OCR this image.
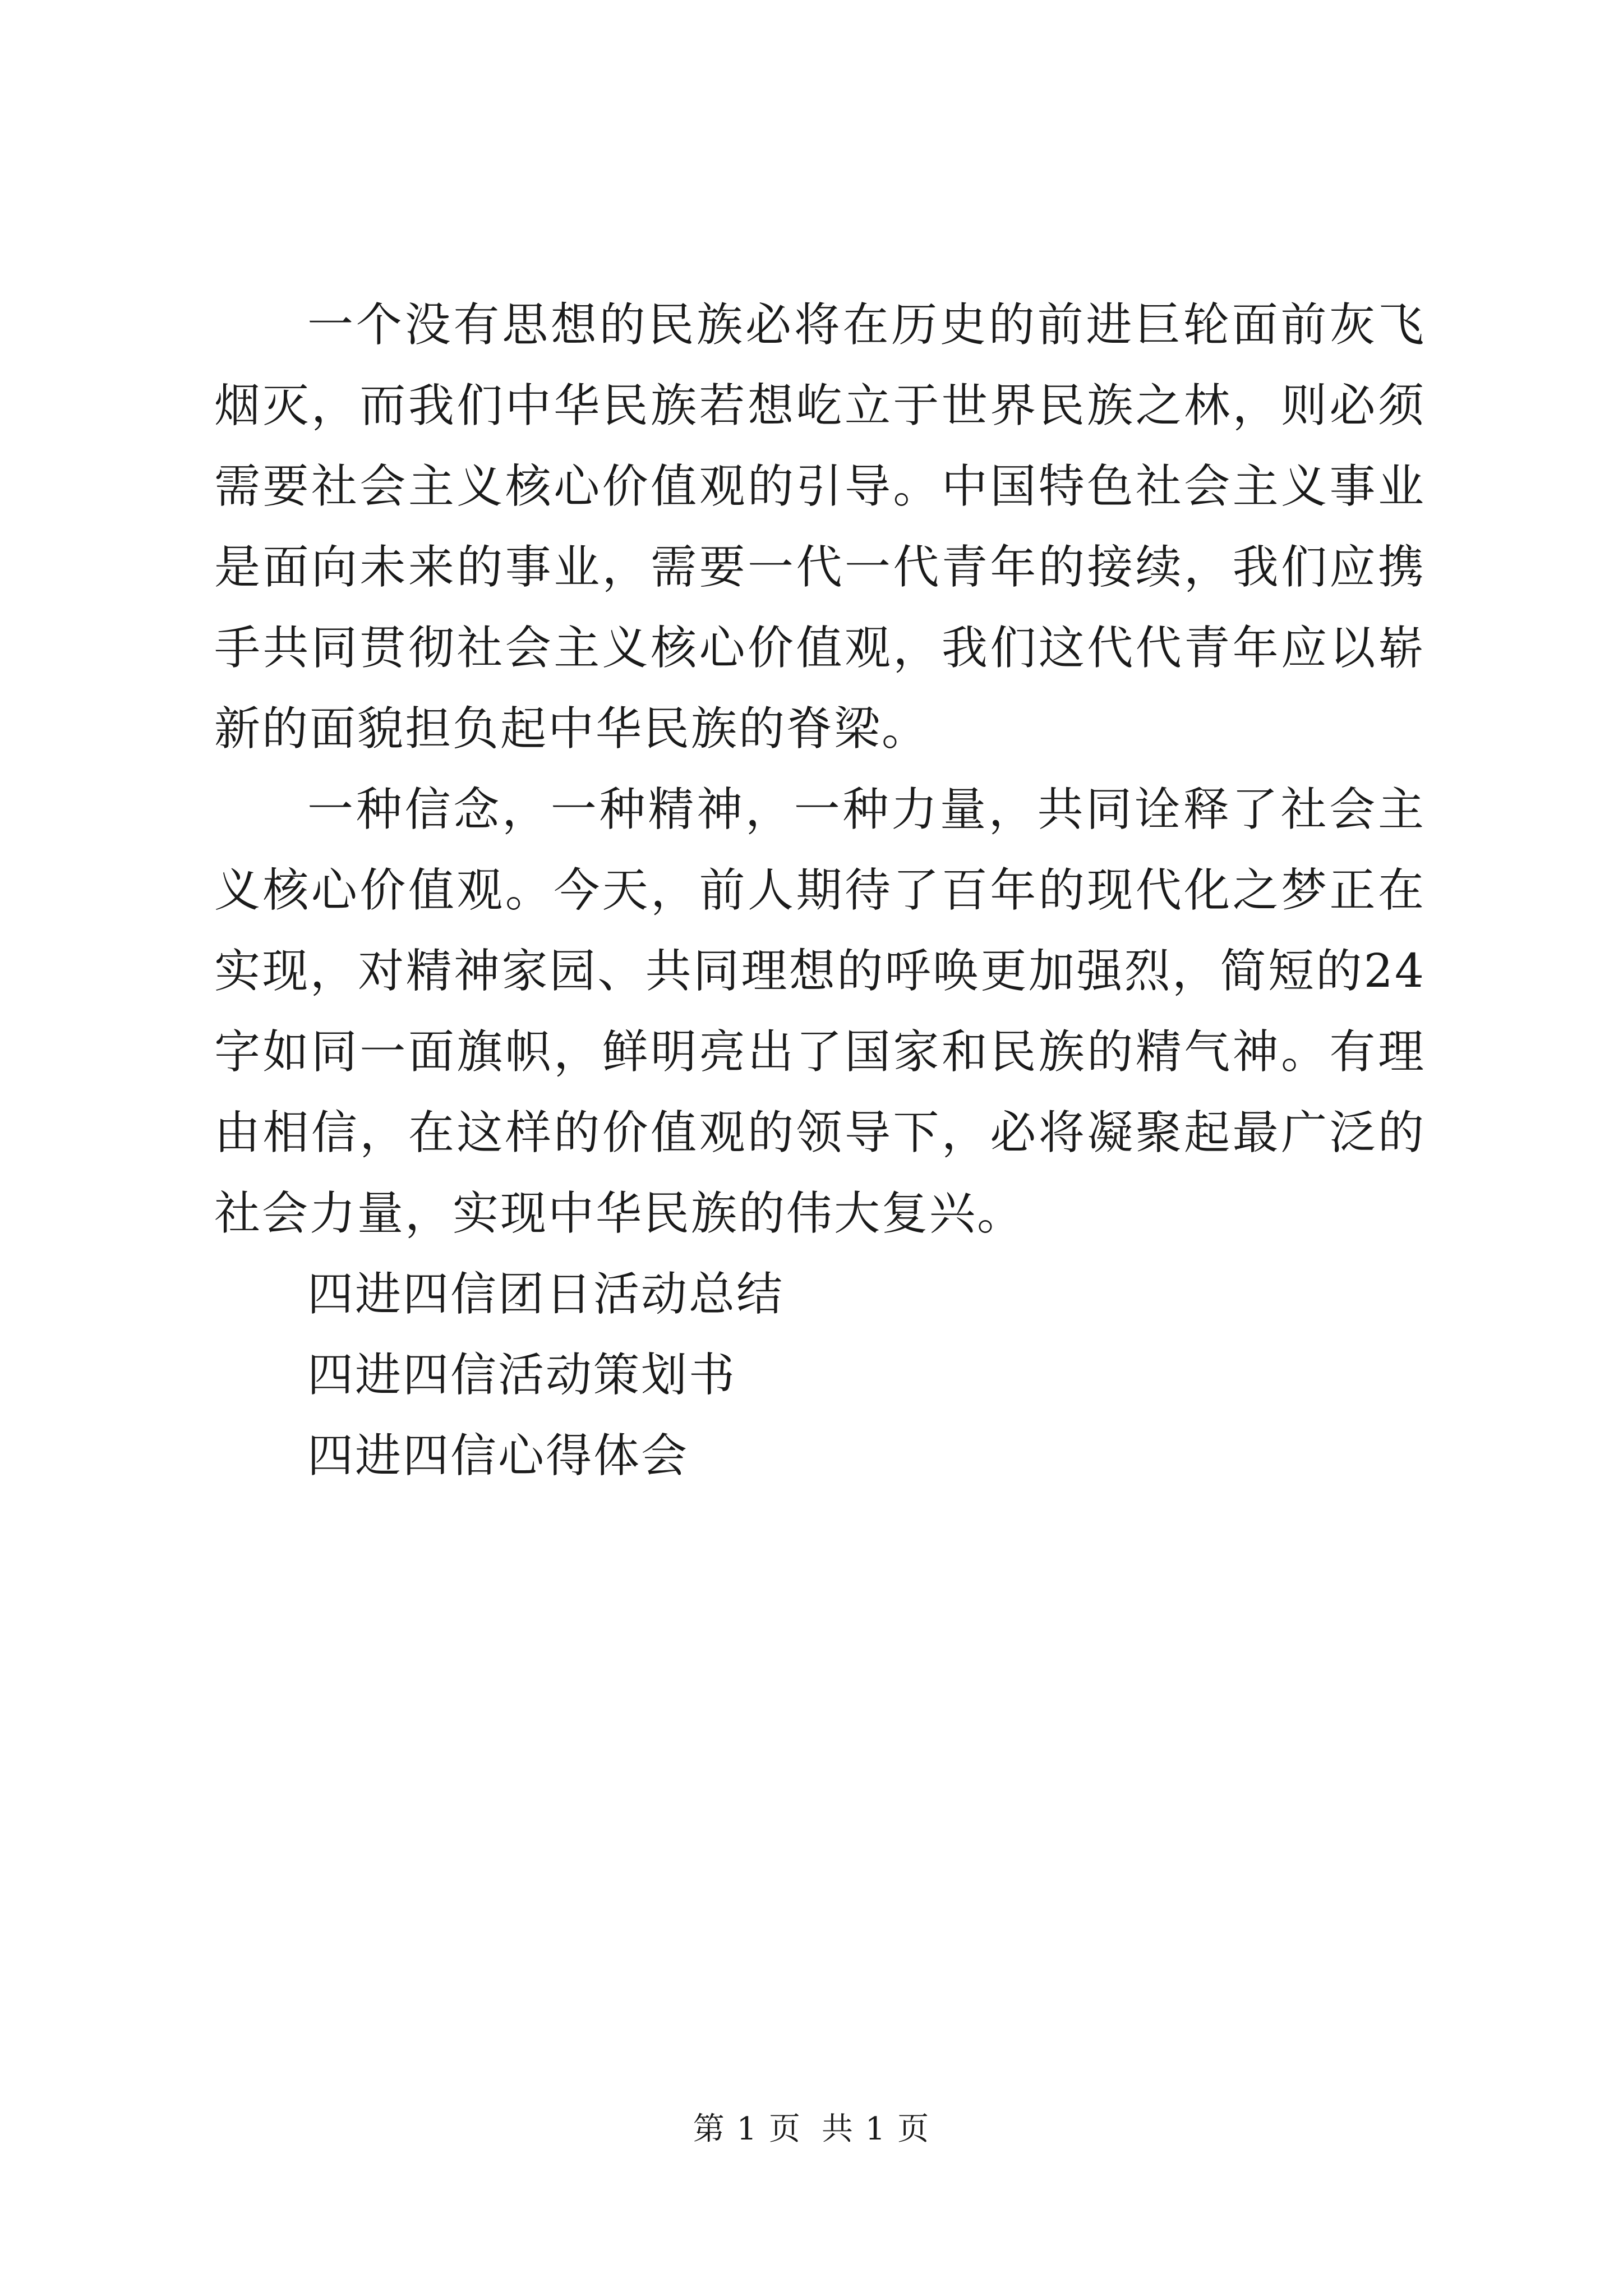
一个没有思想的民族必将在历史的前进巨轮面前灰飞烟灭，而我们中华民族若想屹立于世界民族之林，则必须需要社会主义核心价值观的引导。中国特色社会主义事业是面向未来的事业，需要一代一代青年的接续，我们应携手共同贯彻社会主义核心价值观，我们这代代青年应以崭新的面貌担负起中华民族的脊梁。

一种信念，一种精神，一种力量，共同诠释了社会主义核心价值观。今天，前人期待了百年的现代化之梦正在实现，对精神家园、共同理想的呼唤更加强烈，简短的24字如同一面旗帜，鲜明亮出了国家和民族的精气神。有理由相信，在这样的价值观的领导下，必将凝聚起最广泛的社会力量，实现中华民族的伟大复兴。

四进四信团日活动总结
四进四信活动策划书
四进四信心得体会
第 1 页 共 1 页
